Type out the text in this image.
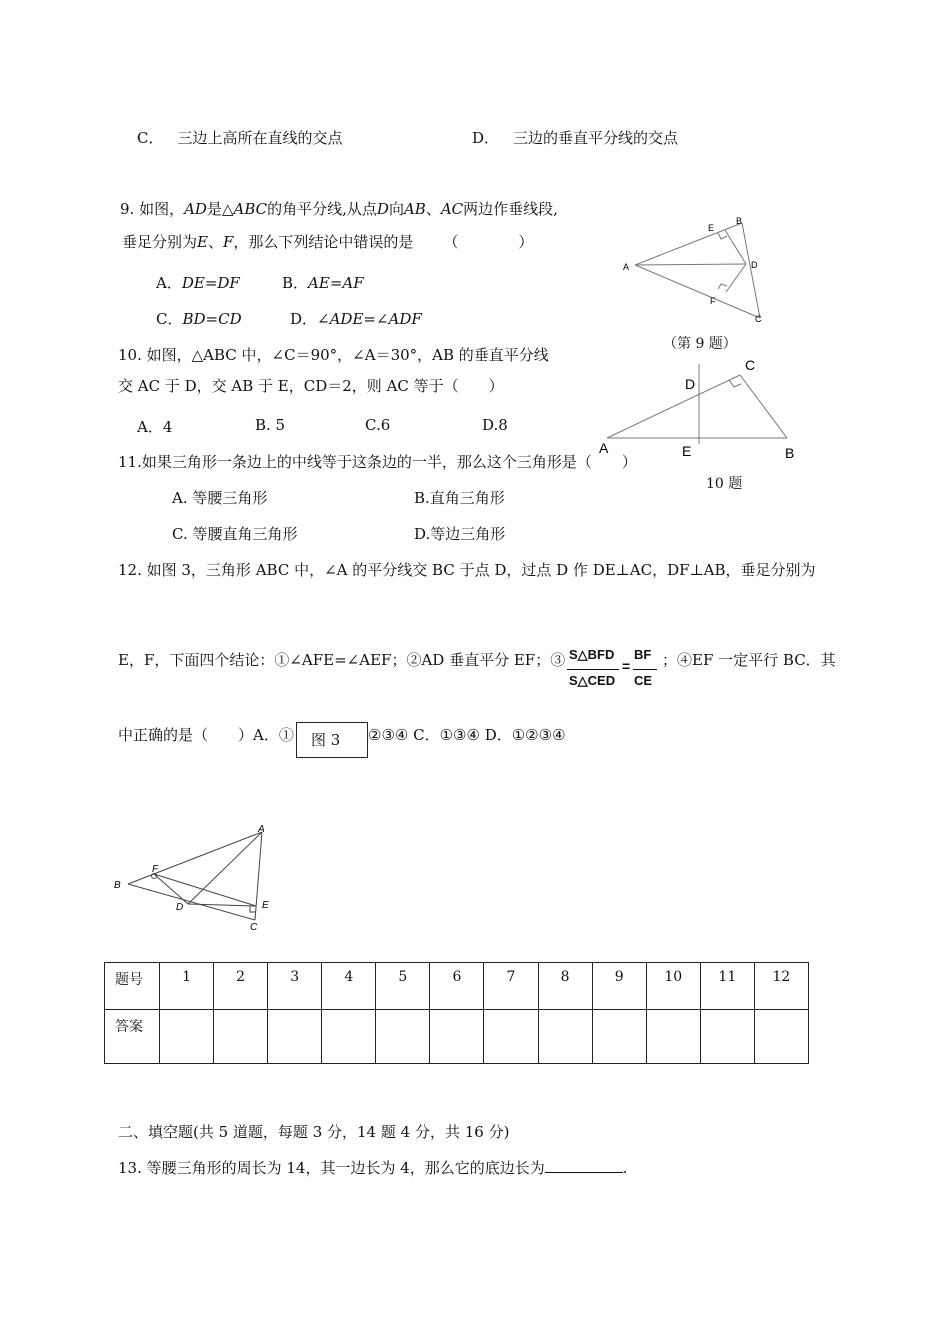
C． 三边上高所在直线的交点	D． 三边的垂直平分线的交点
9. 如图，AD是△ABC的角平分线,从点D向AB、AC两边作垂线段,
垂足分别为E、F，那么下列结论中错误的是 （　　　　）
A．DE=DF	B．AE=AF
C．BD=CD	D．∠ADE=∠ADF
A
B
C
D
E
F
（第 9 题）
10. 如图，△ABC 中，∠C＝90°，∠A＝30°，AB 的垂直平分线
交 AC 于 D，交 AB 于 E，CD＝2，则 AC 等于（　　）
A．4	B. 5	C.6	D.8
A	B
C
D
E
10 题
11.如果三角形一条边上的中线等于这条边的一半，那么这个三角形是（　　）
A. 等腰三角形	B.直角三角形
C. 等腰直角三角形	D.等边三角形
12. 如图 3，三角形 ABC 中，∠A 的平分线交 BC 于点 D，过点 D 作 DE⊥AC，DF⊥AB，垂足分别为
E，F，下面四个结论：①∠AFE=∠AEF；②AD 垂直平分 EF；③ S△BFD
S△CED
=
BF
CE
；④EF 一定平行 BC．其
中正确的是（　　）A．①	②③④ C．①③④ D．①②③④
图 3
A
B
C
D	E
F
题号	1	2	3	4	5	6	7	8	9	10	11	12
答案												
二、填空题(共 5 道题，每题 3 分，14 题 4 分，共 16 分)
13. 等腰三角形的周长为 14，其一边长为 4，那么它的底边长为	.
